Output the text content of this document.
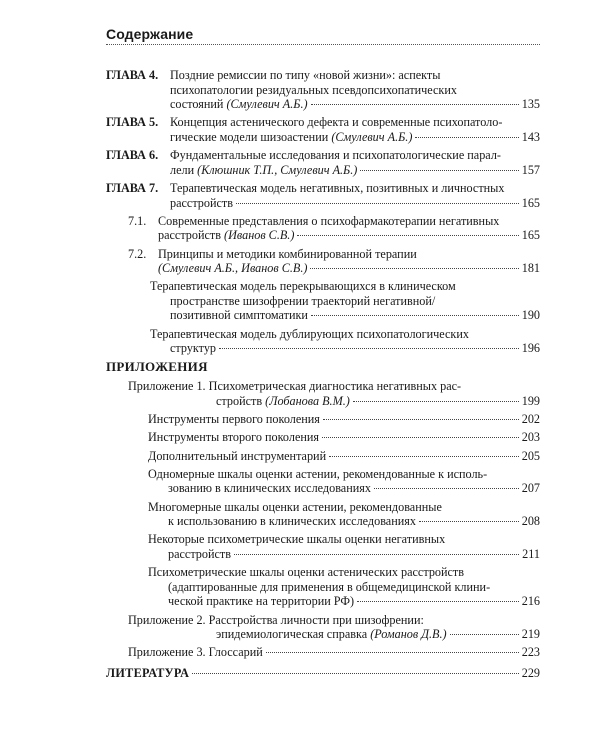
Содержание
ГЛАВА 4. Поздние ремиссии по типу «новой жизни»: аспекты
психопатологии резидуальных псевдопсихопатических
состояний (Смулевич А.Б.)	135
ГЛАВА 5. Концепция астенического дефекта и современные психопатоло-
гические модели шизоастении (Смулевич А.Б.)	143
ГЛАВА 6. Фундаментальные исследования и психопатологические парал-
лели (Клюшник Т.П., Смулевич А.Б.)	157
ГЛАВА 7. Терапевтическая модель негативных, позитивных и личностных
расстройств	165
7.1. Современные представления о психофармакотерапии негативных
расстройств (Иванов С.В.)	165
7.2. Принципы и методики комбинированной терапии
(Смулевич А.Б., Иванов С.В.)	181
Терапевтическая модель перекрывающихся в клиническом
пространстве шизофрении траекторий негативной/
позитивной симптоматики	190
Терапевтическая модель дублирующих психопатологических
структур	196
ПРИЛОЖЕНИЯ
Приложение 1. Психометрическая диагностика негативных рас-
стройств (Лобанова В.М.)	199
Инструменты первого поколения	202
Инструменты второго поколения	203
Дополнительный инструментарий	205
Одномерные шкалы оценки астении, рекомендованные к исполь-
зованию в клинических исследованиях	207
Многомерные шкалы оценки астении, рекомендованные
к использованию в клинических исследованиях	208
Некоторые психометрические шкалы оценки негативных
расстройств	211
Психометрические шкалы оценки астенических расстройств
(адаптированные для применения в общемедицинской клини-
ческой практике на территории РФ)	216
Приложение 2. Расстройства личности при шизофрении:
эпидемиологическая справка (Романов Д.В.)	219
Приложение 3. Глоссарий	223
ЛИТЕРАТУРА	229
